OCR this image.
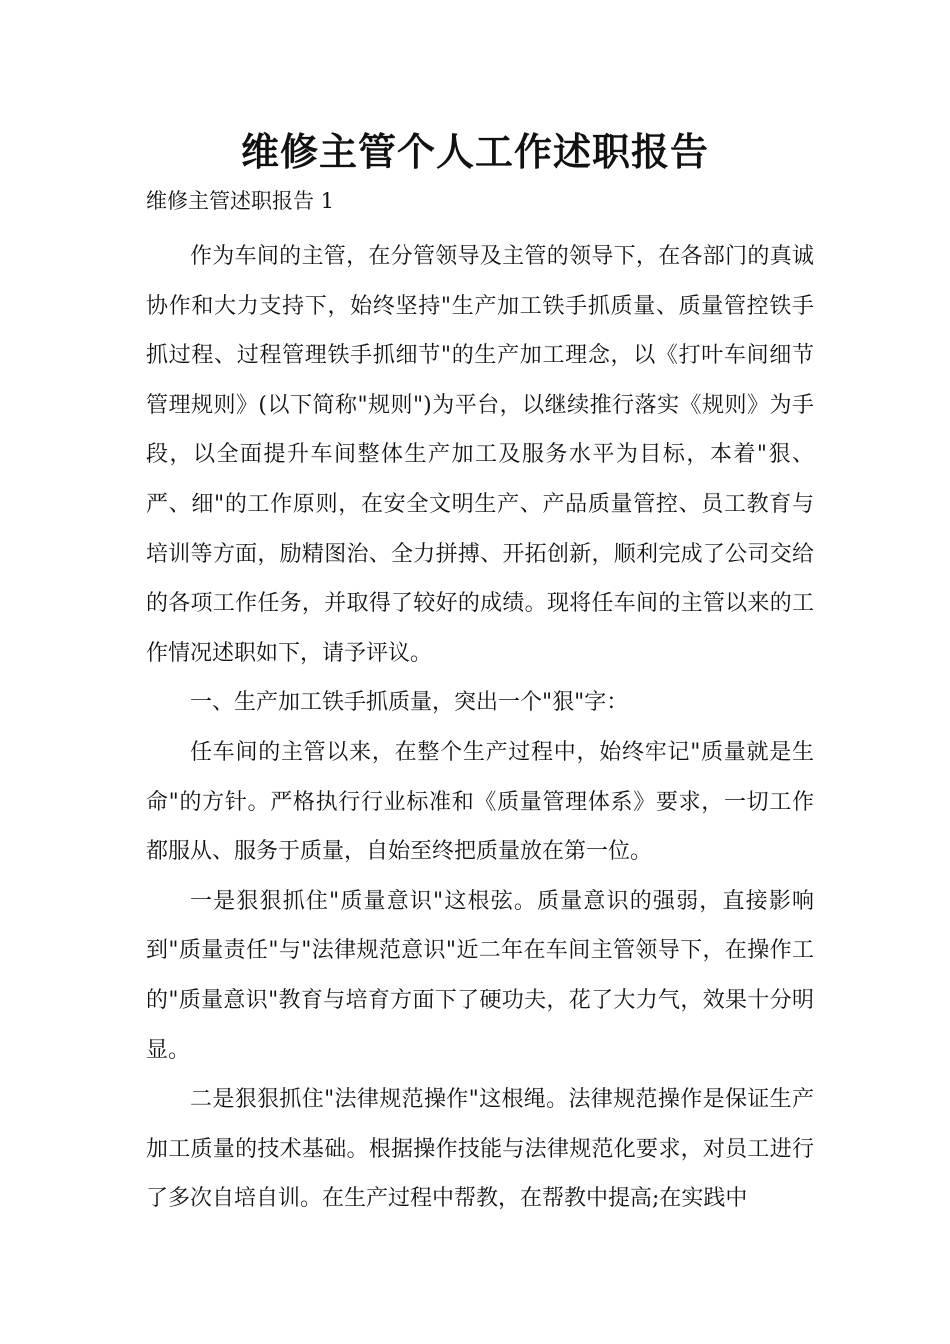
维修主管个人工作述职报告

维修主管述职报告 1

作为车间的主管，在分管领导及主管的领导下，在各部门的真诚协作和大力支持下，始终坚持"生产加工铁手抓质量、质量管控铁手抓过程、过程管理铁手抓细节"的生产加工理念，以《打叶车间细节管理规则》(以下简称"规则")为平台，以继续推行落实《规则》为手段，以全面提升车间整体生产加工及服务水平为目标，本着"狠、严、细"的工作原则，在安全文明生产、产品质量管控、员工教育与培训等方面，励精图治、全力拼搏、开拓创新，顺利完成了公司交给的各项工作任务，并取得了较好的成绩。现将任车间的主管以来的工作情况述职如下，请予评议。

一、生产加工铁手抓质量，突出一个"狠"字：

任车间的主管以来，在整个生产过程中，始终牢记"质量就是生命"的方针。严格执行行业标准和《质量管理体系》要求，一切工作都服从、服务于质量，自始至终把质量放在第一位。

一是狠狠抓住"质量意识"这根弦。质量意识的强弱，直接影响到"质量责任"与"法律规范意识"近二年在车间主管领导下，在操作工的"质量意识"教育与培育方面下了硬功夫，花了大力气，效果十分明显。

二是狠狠抓住"法律规范操作"这根绳。法律规范操作是保证生产加工质量的技术基础。根据操作技能与法律规范化要求，对员工进行了多次自培自训。在生产过程中帮教，在帮教中提高;在实践中
